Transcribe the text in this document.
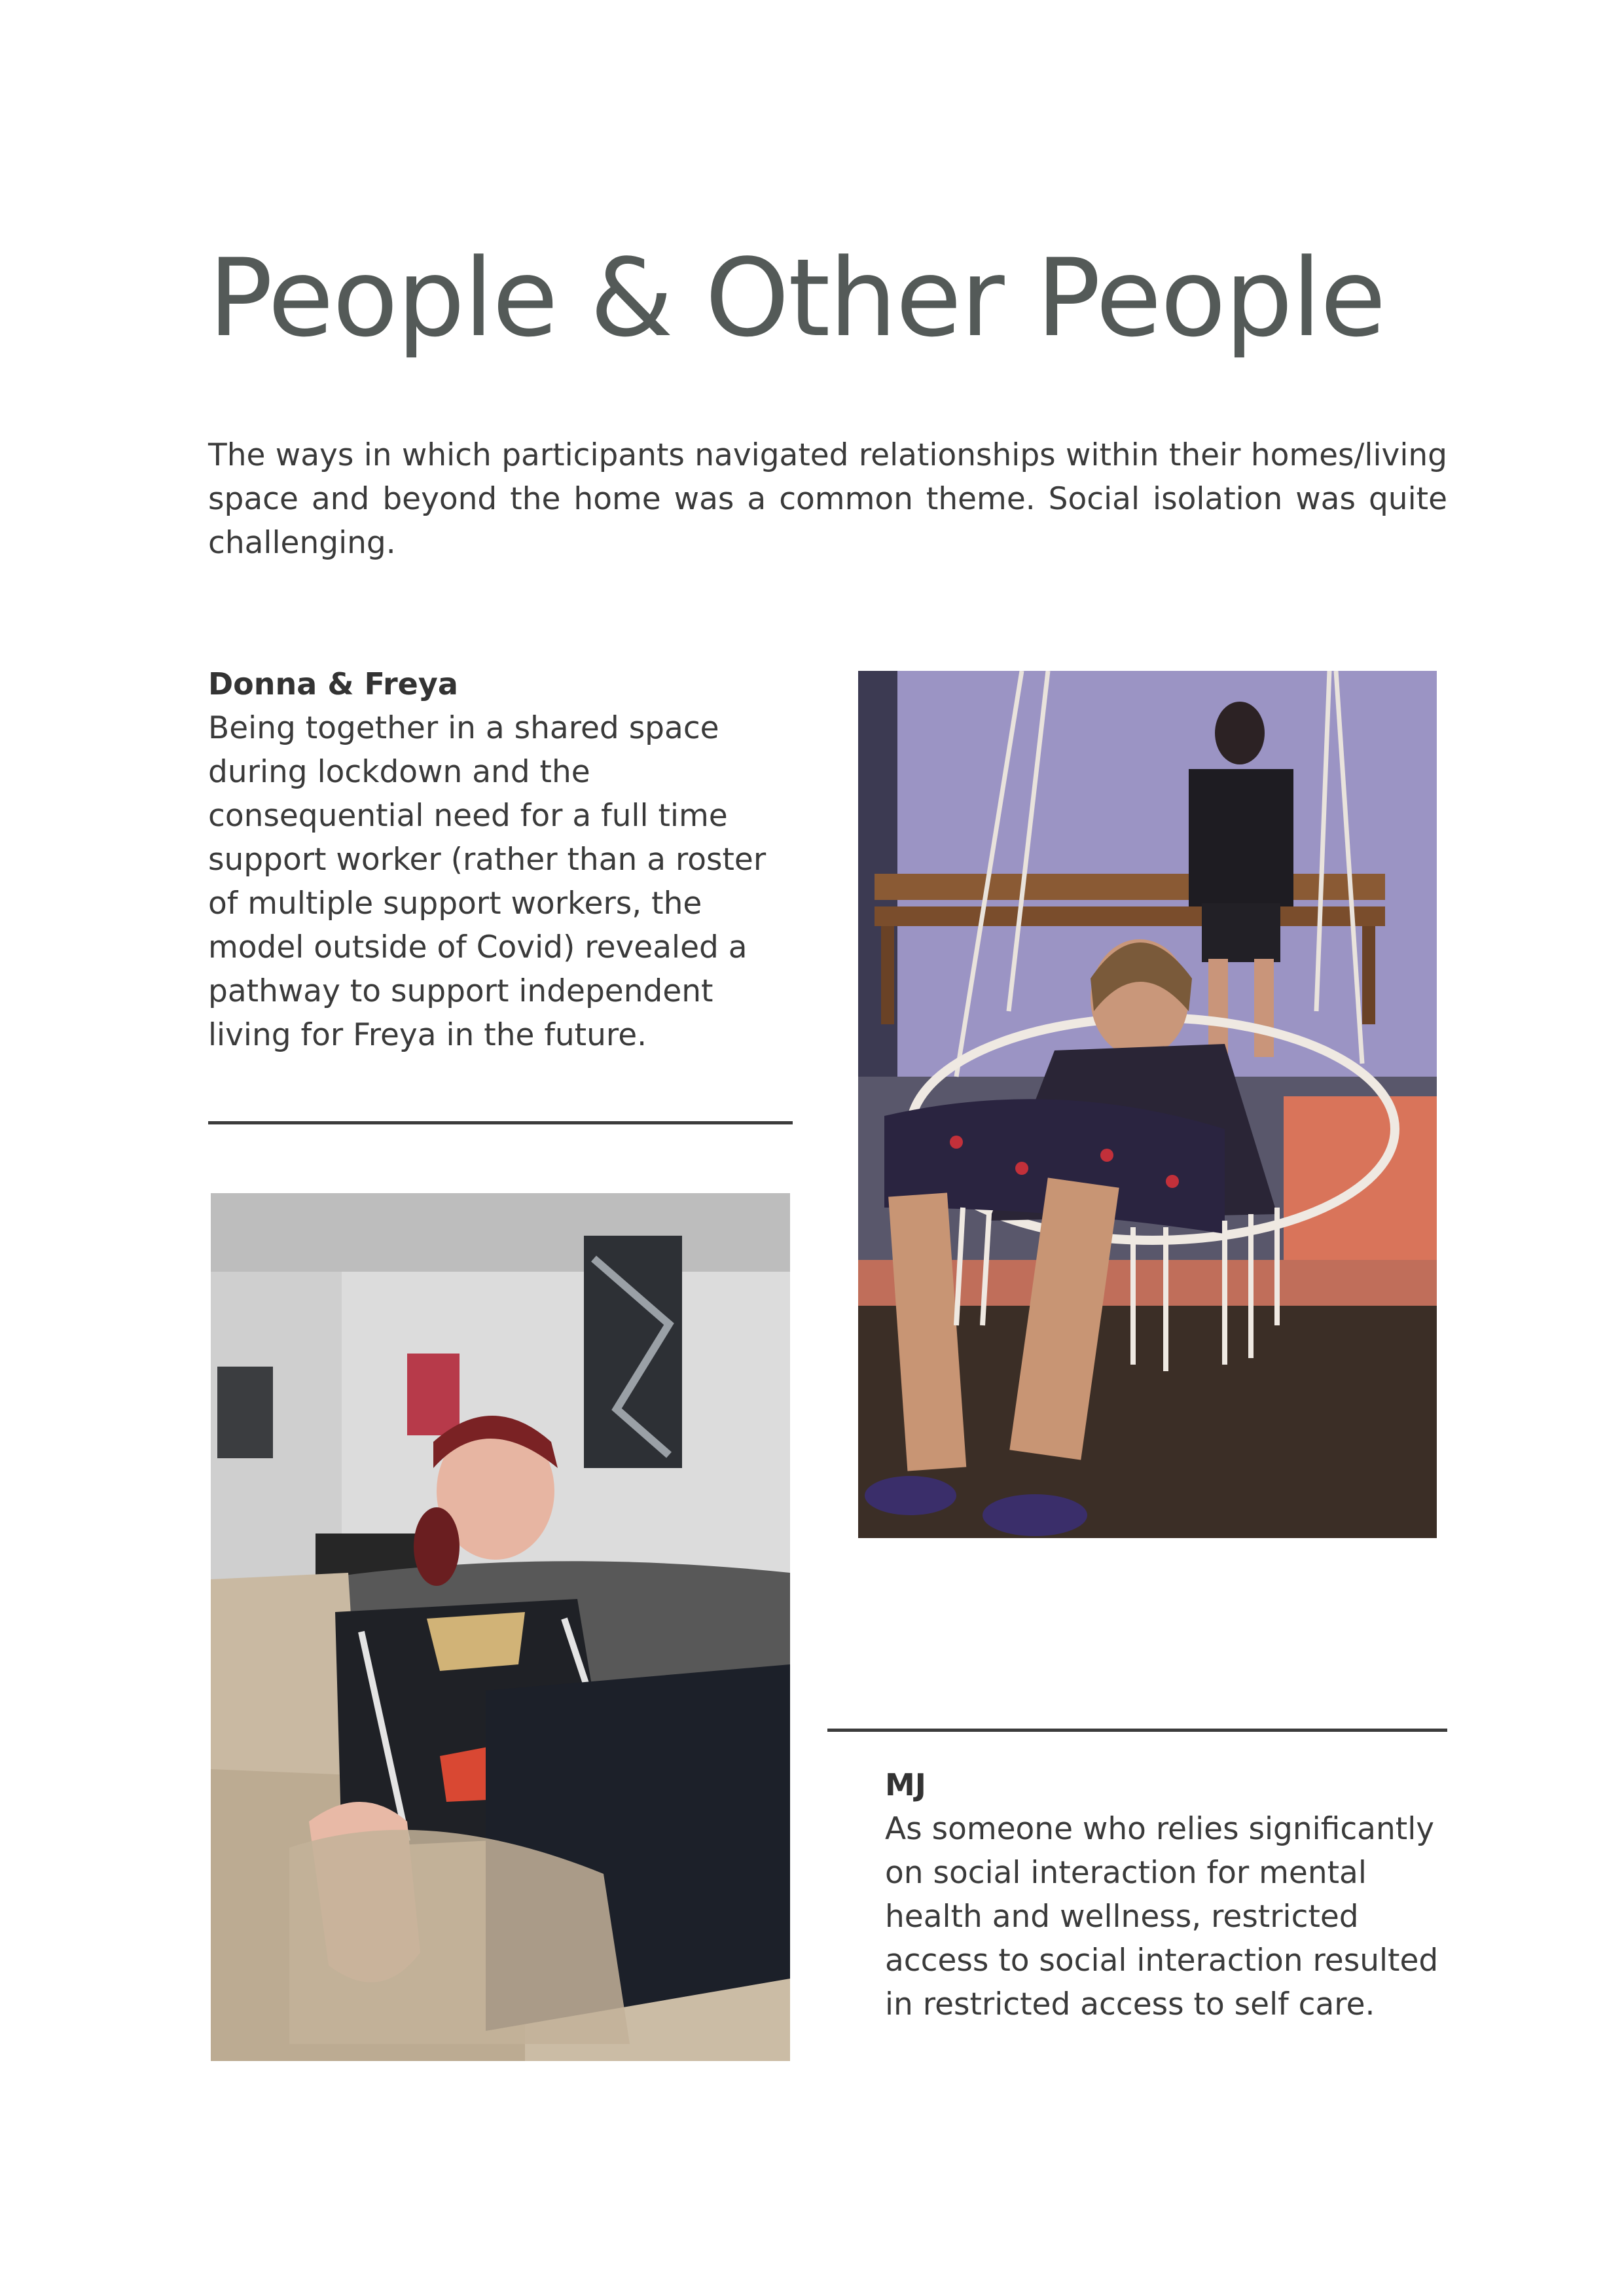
People & Other People

The ways in which participants navigated relationships within their homes/living space and beyond the home was a common theme. Social isolation was quite challenging.

Donna & Freya
Being together in a shared space during lockdown and the consequential need for a full time support worker (rather than a roster of multiple support workers, the model outside of Covid) revealed a pathway to support independent living for Freya in the future.
MJ
As someone who relies significantly on social interaction for mental health and wellness, restricted access to social interaction resulted in restricted access to self care.
